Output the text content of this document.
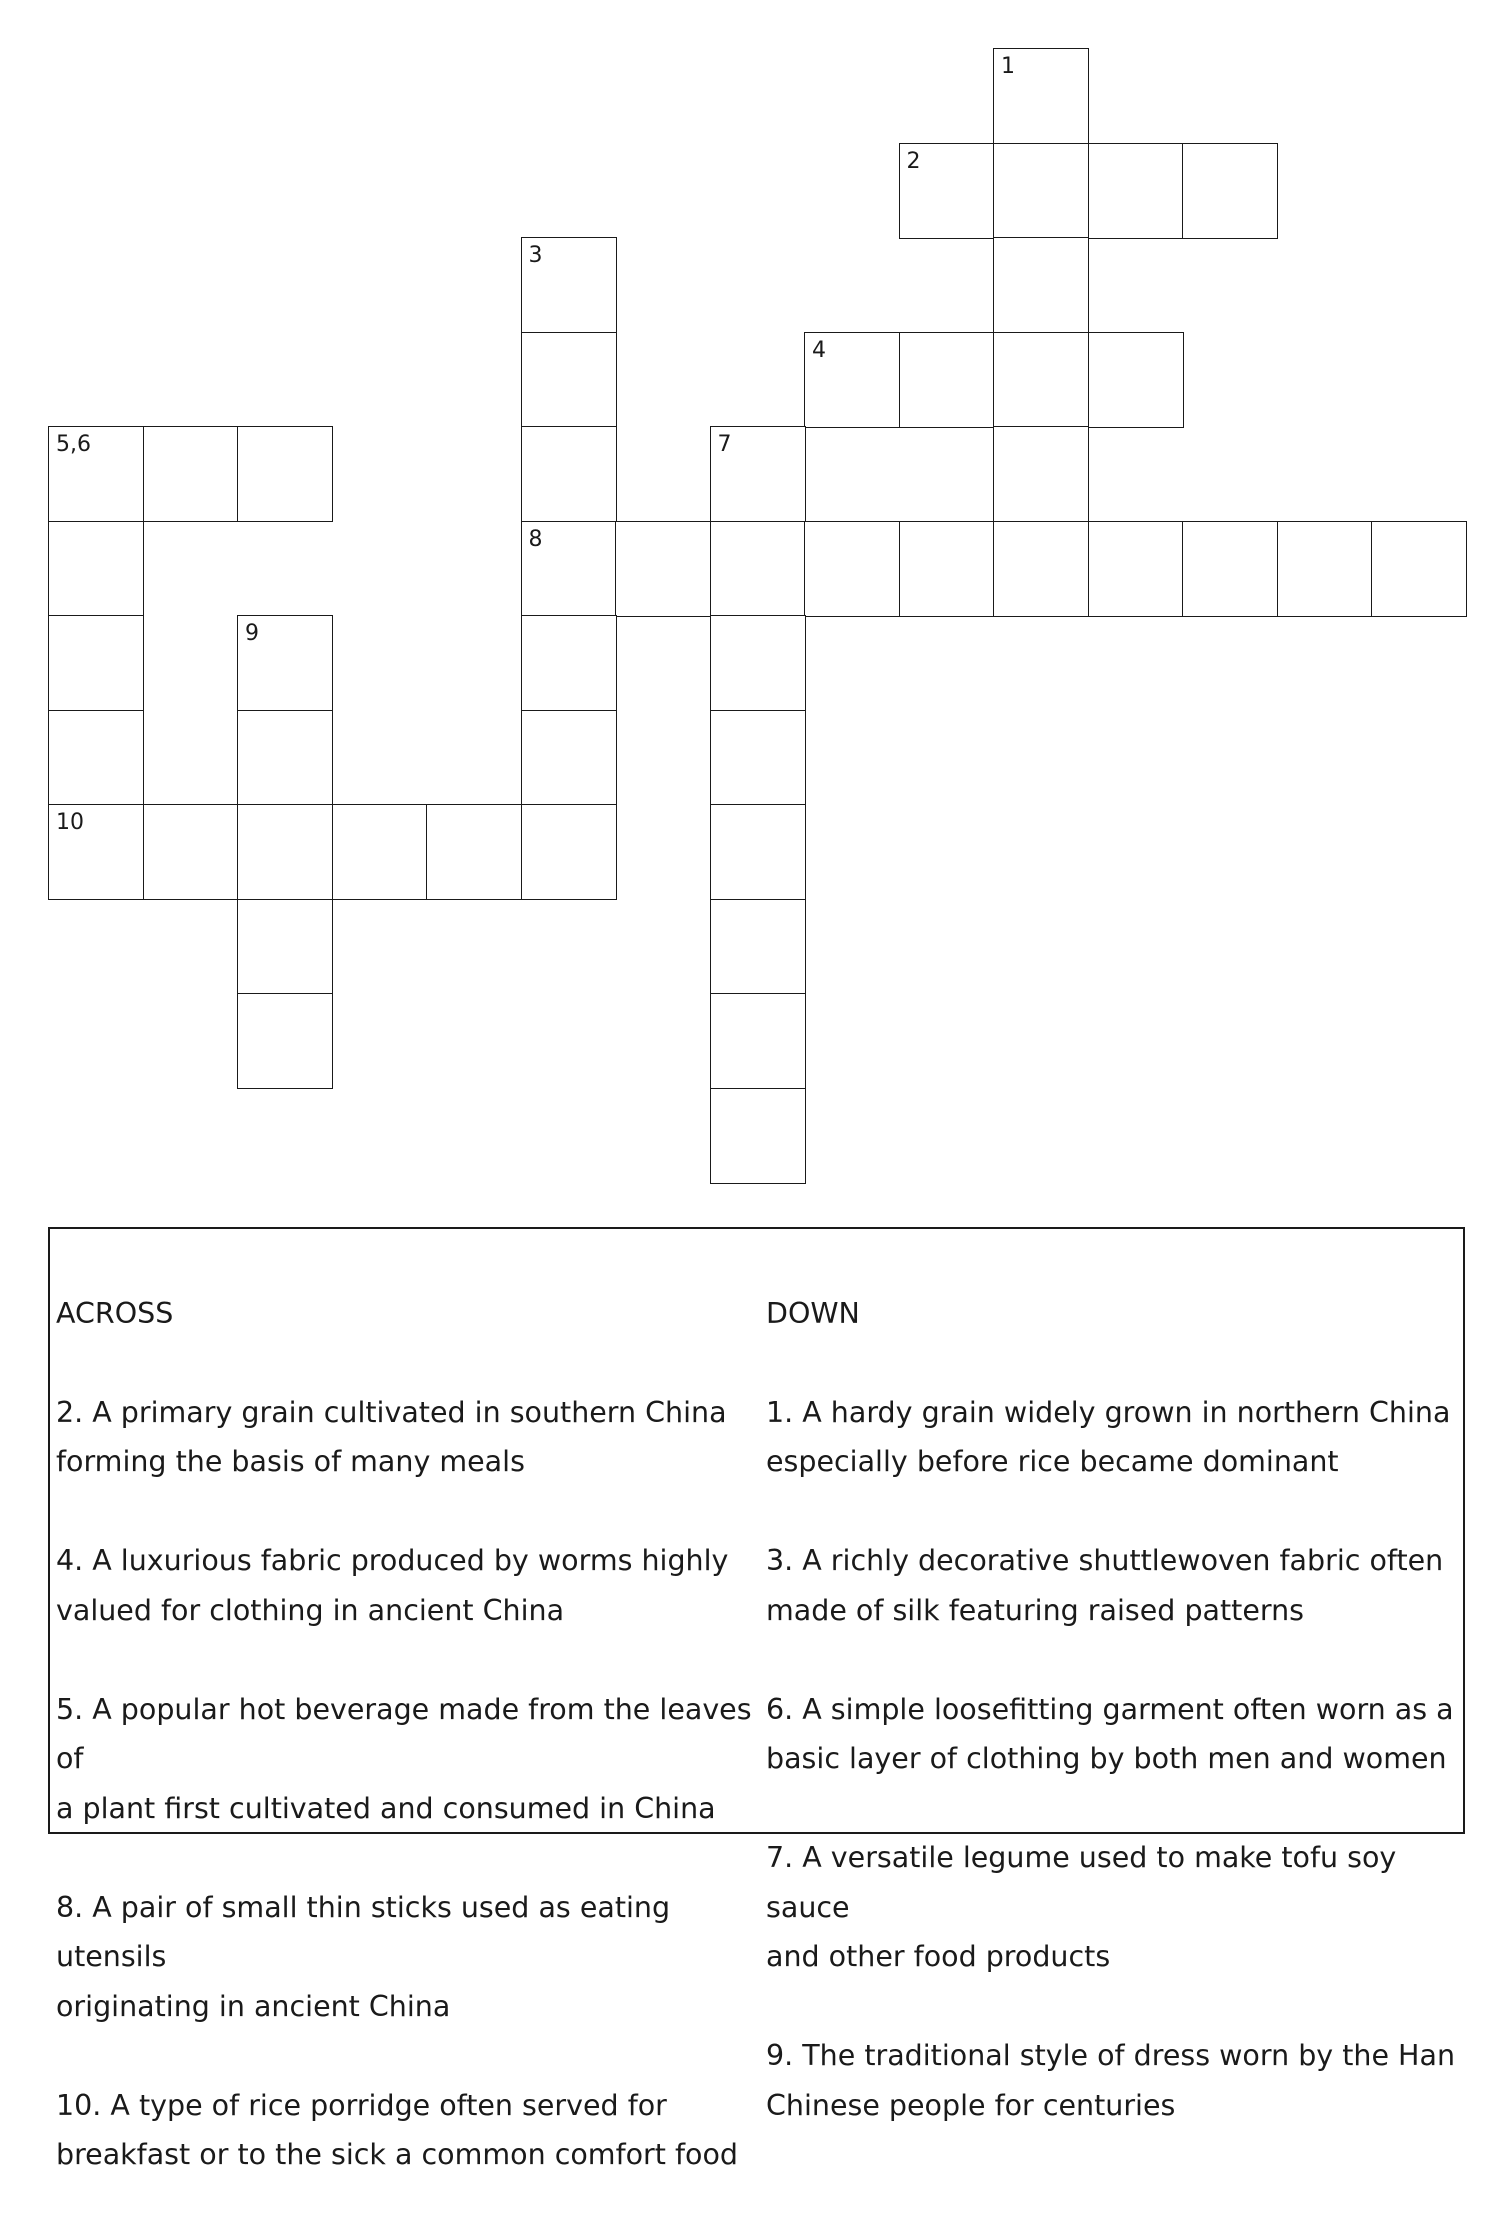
1
2
3
4
5,6	7
8
9
10

ACROSS

2. A primary grain cultivated in southern China
forming the basis of many meals

4. A luxurious fabric produced by worms highly
valued for clothing in ancient China

5. A popular hot beverage made from the leaves of
a plant first cultivated and consumed in China

8. A pair of small thin sticks used as eating utensils
originating in ancient China

10. A type of rice porridge often served for
breakfast or to the sick a common comfort food

DOWN

1. A hardy grain widely grown in northern China
especially before rice became dominant

3. A richly decorative shuttlewoven fabric often
made of silk featuring raised patterns

6. A simple loosefitting garment often worn as a
basic layer of clothing by both men and women

7. A versatile legume used to make tofu soy sauce
and other food products

9. The traditional style of dress worn by the Han
Chinese people for centuries
